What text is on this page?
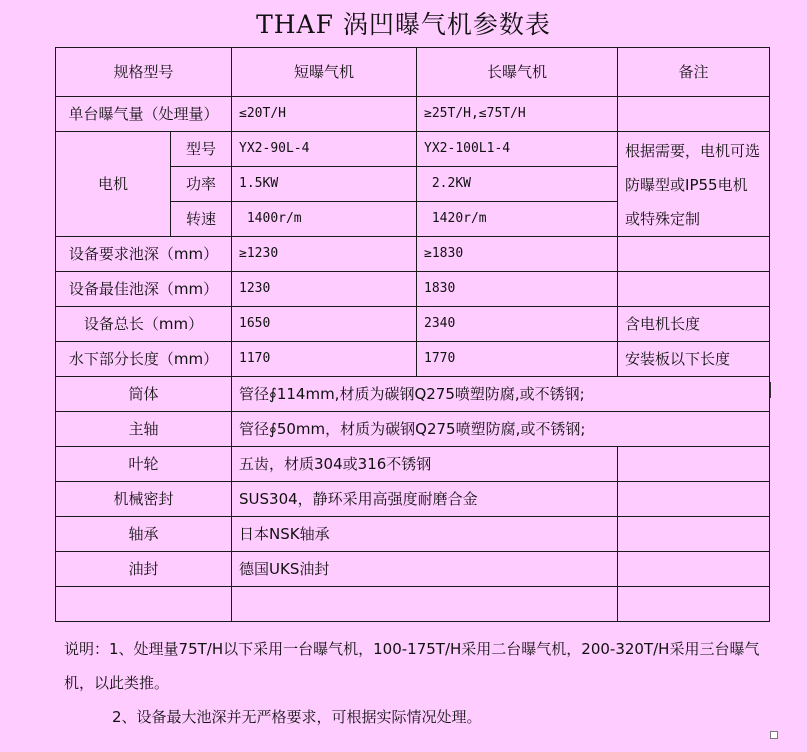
THAF 涡凹曝气机参数表
规格型号		短曝气机	长曝气机	备注
单台曝气量（处理量）		≤20T/H	≥25T/H,≤75T/H	
电机	型号	YX2-90L-4	YX2-100L1-4	根据需要，电机可选防曝型或IP55电机或特殊定制
	功率	1.5KW	2.2KW	
	转速	1400r/m	1420r/m	
设备要求池深（mm）		≥1230	≥1830	
设备最佳池深（mm）		1230	1830	
设备总长（mm）		1650	2340	含电机长度
水下部分长度（mm）		1170	1770	安装板以下长度
筒体		管径∮114mm,材质为碳钢Q275喷塑防腐,或不锈钢;		
主轴		管径∮50mm，材质为碳钢Q275喷塑防腐,或不锈钢;		
叶轮		五齿，材质304或316不锈钢		
机械密封		SUS304，静环采用高强度耐磨合金		
轴承		日本NSK轴承		
油封		德国UKS油封		

说明：1、处理量75T/H以下采用一台曝气机，100-175T/H采用二台曝气机，200-320T/H采用三台曝气机，以此类推。

2、设备最大池深并无严格要求，可根据实际情况处理。
